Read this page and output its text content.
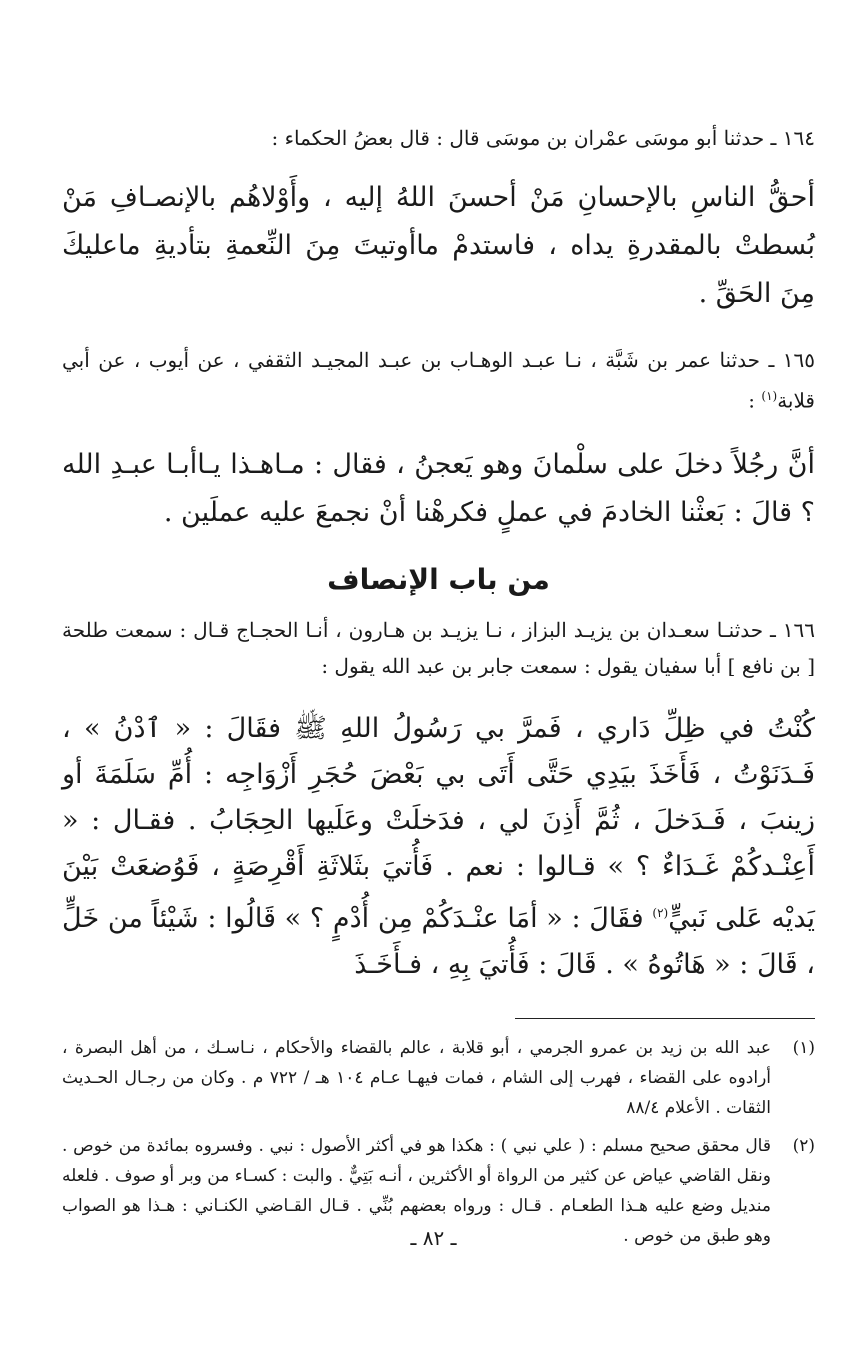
١٦٤ ـ حدثنا أبو موسَى عمْران بن موسَى قال : قال بعضُ الحكماء :

أحقُّ الناسِ بالإحسانِ مَنْ أحسنَ اللهُ إليه ، وأَوْلاهُم بالإنصـافِ مَنْ بُسطتْ بالمقدرةِ يداه ، فاستدمْ ماأوتيتَ مِنَ النِّعمةِ بتأديةِ ماعليكَ مِنَ الحَقِّ .

١٦٥ ـ حدثنا عمر بن شَبَّة ، نـا عبـد الوهـاب بن عبـد المجيـد الثقفي ، عن أيوب ، عن أبي قلابة$^{(١)}$ :

أنَّ رجُلاً دخلَ على سلْمانَ وهو يَعجنُ ، فقال : مـاهـذا يـاأبـا عبـدِ الله ؟ قالَ : بَعثْنا الخادمَ في عملٍ فكرهْنا أنْ نجمعَ عليه عملَين .

من باب الإنصاف

١٦٦ ـ حدثنـا سعـدان بن يزيـد البزاز ، نـا يزيـد بن هـارون ، أنـا الحجـاج قـال : سمعت طلحة [ بن نافع ] أبا سفيان يقول : سمعت جابر بن عبد الله يقول :

كُنْتُ في ظِلِّ دَاري ، فَمرَّ بي رَسُولُ اللهِ ﷺ فقَالَ : « ٱدْنُ » ، فَـدَنَوْتُ ، فَأَخَذَ بيَدِي حَتَّى أَتَى بي بَعْضَ حُجَرِ أَزْوَاجِه : أُمِّ سَلَمَةَ أو زينبَ ، فَـدَخلَ ، ثُمَّ أَذِنَ لي ، فدَخلَتْ وعَلَيها الحِجَابُ . فقـال : « أَعِنْـدكُمْ غَـدَاءٌ ؟ » قـالوا : نعم . فَأُتيَ بثَلاثَةِ أَقْرِصَةٍ ، فَوُضعَتْ بَيْنَ يَديْه عَلى نَبيٍّ$^{(٢)}$ فقَالَ : « أمَا عنْـدَكُمْ مِن أُدْمٍ ؟ » قَالُوا : شَيْئاً من خَلٍّ ، قَالَ : « هَاتُوهُ » . قَالَ : فَأُتيَ بِهِ ، فـأَخَـذَ

(١)
عبد الله بن زيد بن عمرو الجرمي ، أبو قلابة ، عالم بالقضاء والأحكام ، نـاسـك ، من أهل البصرة ، أرادوه على القضاء ، فهرب إلى الشام ، فمات فيهـا عـام ١٠٤ هـ / ٧٢٢ م . وكان من رجـال الحـديث الثقات . الأعلام ٨٨/٤
(٢)
قال محقق صحيح مسلم : ( علي نبي ) : هكذا هو في أكثر الأصول : نبي . وفسروه بمائدة من خوص . ونقل القاضي عياض عن كثير من الرواة أو الأكثرين ، أنـه بَتِيٌّ . والبت : كسـاء من وبر أو صوف . فلعله منديل وضع عليه هـذا الطعـام . قـال : ورواه بعضهم بُنِّي . قـال القـاضي الكنـاني : هـذا هو الصواب وهو طبق من خوص .
ـ ٨٢ ـ
